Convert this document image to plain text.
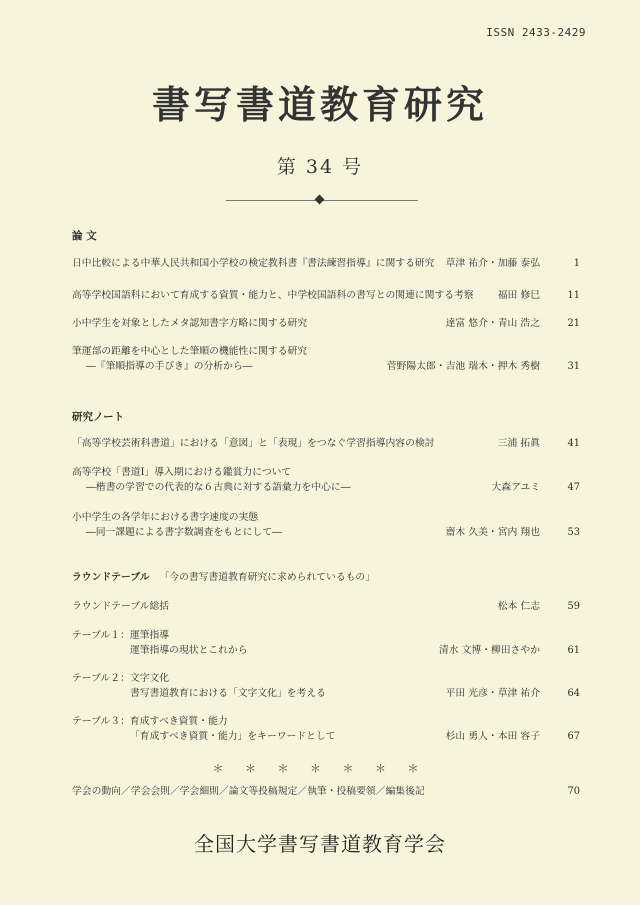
ISSN 2433-2429
書写書道教育研究
第 34 号
論 文
日中比較による中華人民共和国小学校の検定教科書『書法練習指導』に関する研究	草津 祐介・加藤 泰弘	1
高等学校国語科において育成する資質・能力と、中学校国語科の書写との関連に関する考察	福田 修巳	11
小中学生を対象としたメタ認知書字方略に関する研究	達富 悠介・青山 浩之	21
筆運部の距離を中心とした筆順の機能性に関する研究
―『筆順指導の手びき』の分析から―	菅野陽太郎・吉池 瑞木・押木 秀樹	31
研究ノート
「高等学校芸術科書道」における「意図」と「表現」をつなぐ学習指導内容の検討	三浦 拓眞	41
高等学校「書道Ⅰ」導入期における鑑賞力について
―楷書の学習での代表的な６古典に対する語彙力を中心に―	大森アユミ	47
小中学生の各学年における書字速度の実態
―同一課題による書字数調査をもとにして―	齋木 久美・宮内 翔也	53
ラウンドテーブル 「今の書写書道教育研究に求められているもの」
ラウンドテーブル総括	松本 仁志	59
テーブル１：運筆指導
運筆指導の現状とこれから	清水 文博・柳田さやか	61
テーブル２：文字文化
書写書道教育における「文字文化」を考える	平田 光彦・草津 祐介	64
テーブル３：育成すべき資質・能力
「育成すべき資質・能力」をキーワードとして	杉山 勇人・本田 容子	67
＊ ＊ ＊ ＊ ＊ ＊ ＊
学会の動向／学会会則／学会細則／論文等投稿規定／執筆・投稿要領／編集後記	70
全国大学書写書道教育学会
